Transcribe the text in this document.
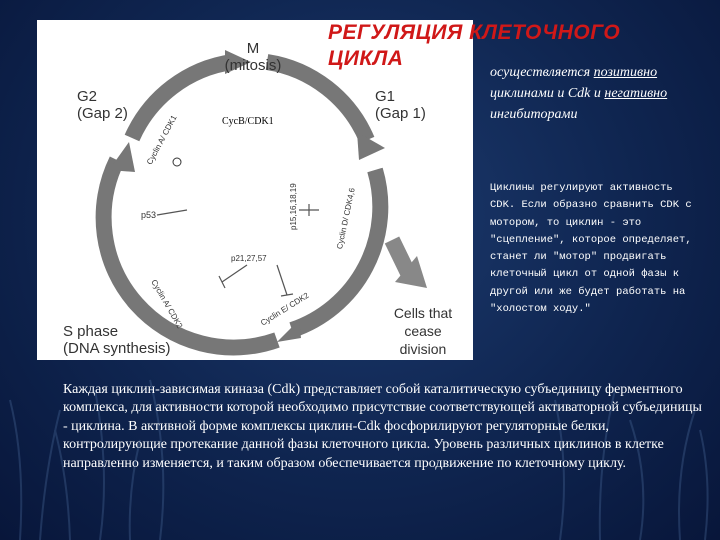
M
(mitosis)
G2
(Gap 2)
G1
(Gap 1)
S phase
(DNA synthesis)
Cells that
cease
division
CycB/CDK1
Cyclin A/ CDK1
Cyclin D/ CDK4,6
p15,16,18,19
p53
p21,27,57
Cyclin A/ CDK2	Cyclin E/ CDK2
РЕГУЛЯЦИЯ КЛЕТОЧНОГО
ЦИКЛА
осуществляется позитивно циклинами и Cdk и негативно ингибиторами
Циклины регулируют активность CDK. Если образно сравнить CDK с мотором, то циклин - это "сцепление", которое определяет, станет ли "мотор" продвигать клеточный цикл от одной фазы к другой или же будет работать на "холостом ходу."
Каждая циклин-зависимая киназа (Cdk) представляет собой каталитическую субъединицу ферментного комплекса, для активности которой необходимо присутствие соответствующей активаторной субъединицы - циклина. В активной форме комплексы циклин-Cdk фосфорилируют регуляторные белки, контролирующие протекание данной фазы клеточного цикла. Уровень различных циклинов в клетке направленно изменяется, и таким образом обеспечивается продвижение по клеточному циклу.
